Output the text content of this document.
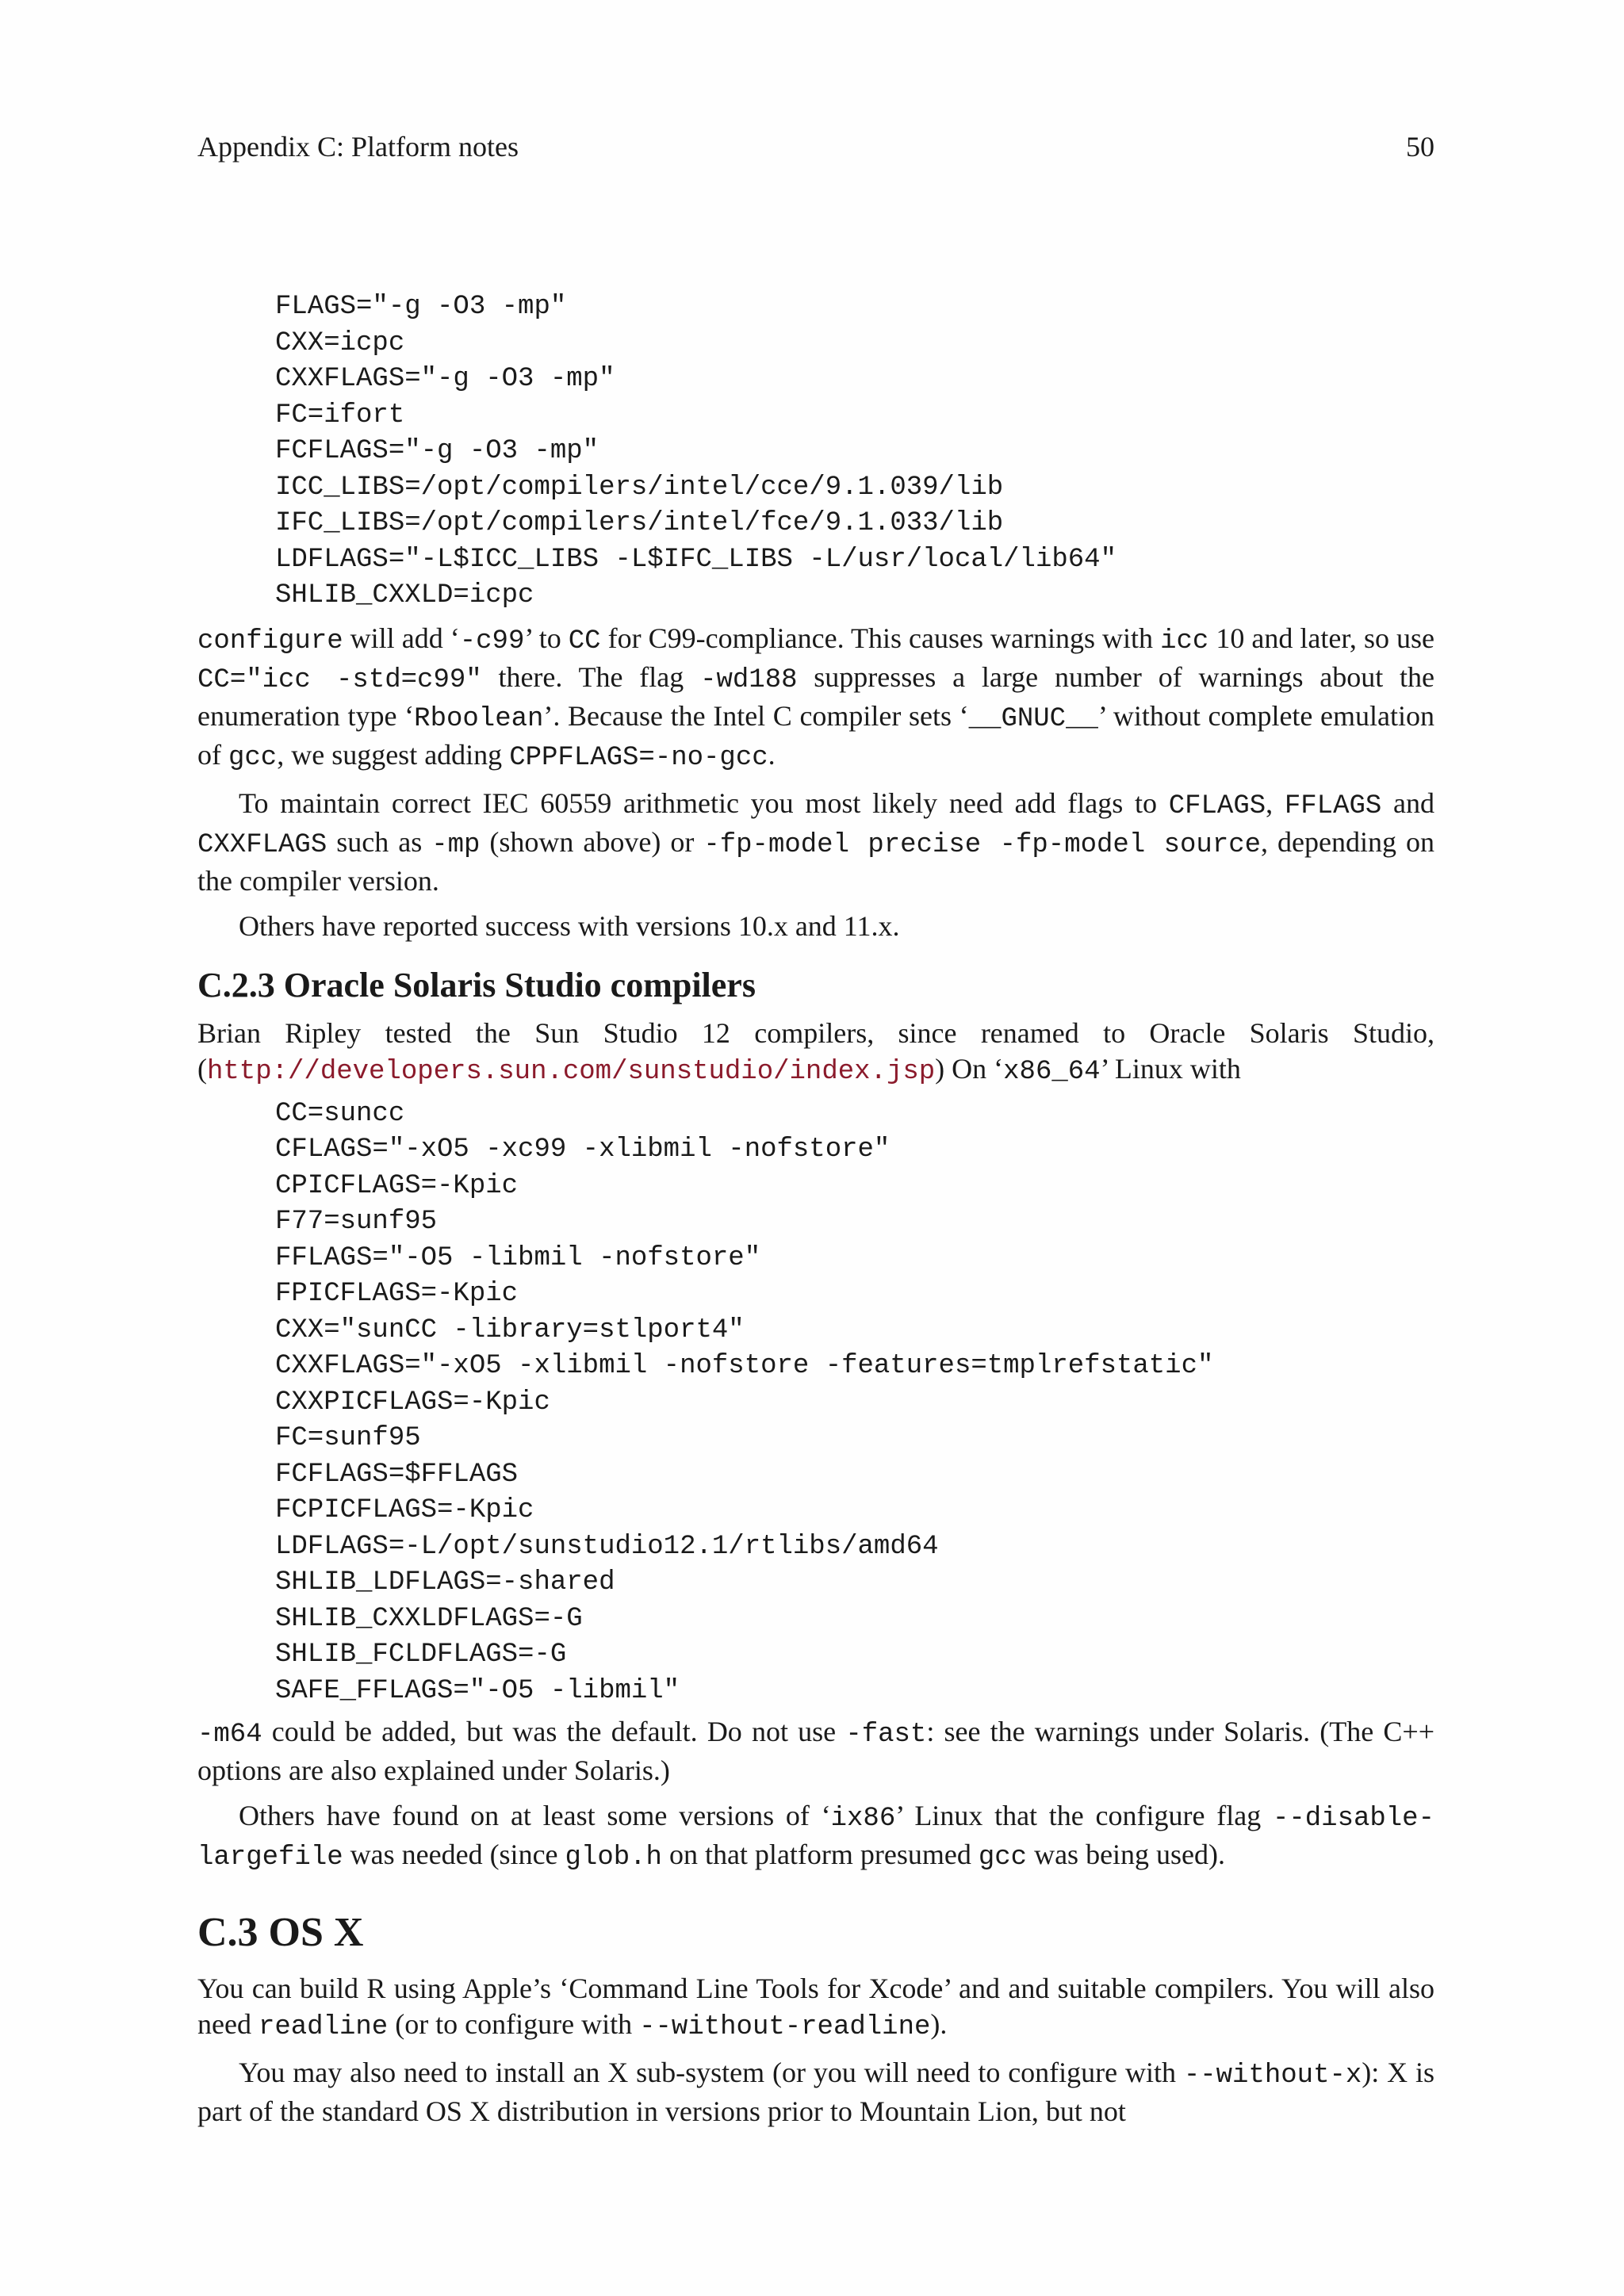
Appendix C: Platform notes	50
FLAGS="-g -O3 -mp"
CXX=icpc
CXXFLAGS="-g -O3 -mp"
FC=ifort
FCFLAGS="-g -O3 -mp"
ICC_LIBS=/opt/compilers/intel/cce/9.1.039/lib
IFC_LIBS=/opt/compilers/intel/fce/9.1.033/lib
LDFLAGS="-L$ICC_LIBS -L$IFC_LIBS -L/usr/local/lib64"
SHLIB_CXXLD=icpc

configure will add ‘-c99’ to CC for C99-compliance. This causes warnings with icc 10 and later, so use CC="icc -std=c99" there. The flag -wd188 suppresses a large number of warnings about the enumeration type ‘Rboolean’. Because the Intel C compiler sets ‘__GNUC__’ without complete emulation of gcc, we suggest adding CPPFLAGS=-no-gcc.

To maintain correct IEC 60559 arithmetic you most likely need add flags to CFLAGS, FFLAGS and CXXFLAGS such as -mp (shown above) or -fp-model precise -fp-model source, depending on the compiler version.

Others have reported success with versions 10.x and 11.x.

C.2.3 Oracle Solaris Studio compilers

Brian Ripley tested the Sun Studio 12 compilers, since renamed to Oracle Solaris Studio, (http://developers.sun.com/sunstudio/index.jsp) On ‘x86_64’ Linux with

CC=suncc
CFLAGS="-xO5 -xc99 -xlibmil -nofstore"
CPICFLAGS=-Kpic
F77=sunf95
FFLAGS="-O5 -libmil -nofstore"
FPICFLAGS=-Kpic
CXX="sunCC -library=stlport4"
CXXFLAGS="-xO5 -xlibmil -nofstore -features=tmplrefstatic"
CXXPICFLAGS=-Kpic
FC=sunf95
FCFLAGS=$FFLAGS
FCPICFLAGS=-Kpic
LDFLAGS=-L/opt/sunstudio12.1/rtlibs/amd64
SHLIB_LDFLAGS=-shared
SHLIB_CXXLDFLAGS=-G
SHLIB_FCLDFLAGS=-G
SAFE_FFLAGS="-O5 -libmil"

-m64 could be added, but was the default. Do not use -fast: see the warnings under Solaris. (The C++ options are also explained under Solaris.)

Others have found on at least some versions of ‘ix86’ Linux that the configure flag --disable-largefile was needed (since glob.h on that platform presumed gcc was being used).

C.3 OS X

You can build R using Apple’s ‘Command Line Tools for Xcode’ and and suitable compilers. You will also need readline (or to configure with --without-readline).

You may also need to install an X sub-system (or you will need to configure with --without-x): X is part of the standard OS X distribution in versions prior to Mountain Lion, but not
